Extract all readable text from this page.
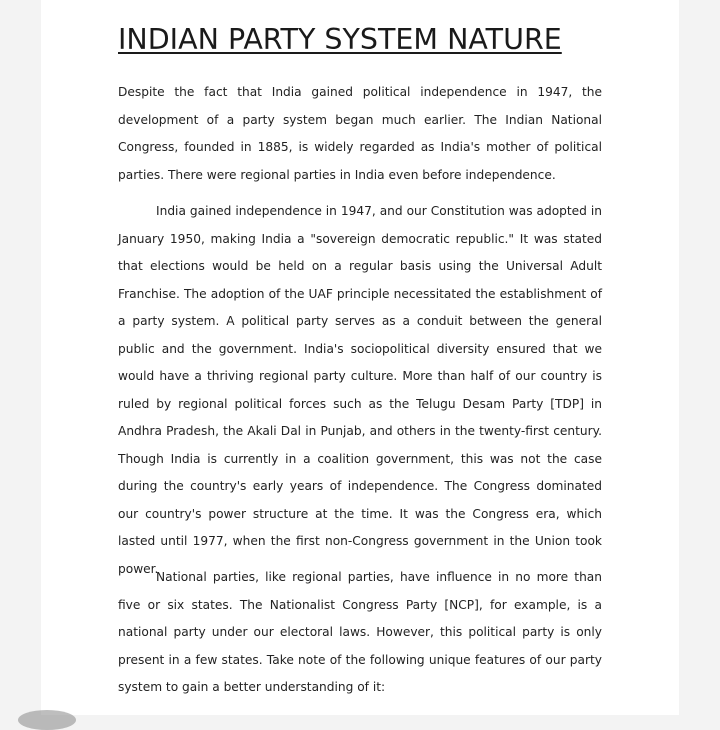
INDIAN PARTY SYSTEM NATURE

Despite the fact that India gained political independence in 1947, the development of a party system began much earlier. The Indian National Congress, founded in 1885, is widely regarded as India's mother of political parties. There were regional parties in India even before independence.

India gained independence in 1947, and our Constitution was adopted in January 1950, making India a "sovereign democratic republic." It was stated that elections would be held on a regular basis using the Universal Adult Franchise. The adoption of the UAF principle necessitated the establishment of a party system. A political party serves as a conduit between the general public and the government. India's sociopolitical diversity ensured that we would have a thriving regional party culture. More than half of our country is ruled by regional political forces such as the Telugu Desam Party [TDP] in Andhra Pradesh, the Akali Dal in Punjab, and others in the twenty-first century. Though India is currently in a coalition government, this was not the case during the country's early years of independence. The Congress dominated our country's power structure at the time. It was the Congress era, which lasted until 1977, when the first non-Congress government in the Union took power.

National parties, like regional parties, have influence in no more than five or six states. The Nationalist Congress Party [NCP], for example, is a national party under our electoral laws. However, this political party is only present in a few states. Take note of the following unique features of our party system to gain a better understanding of it:
